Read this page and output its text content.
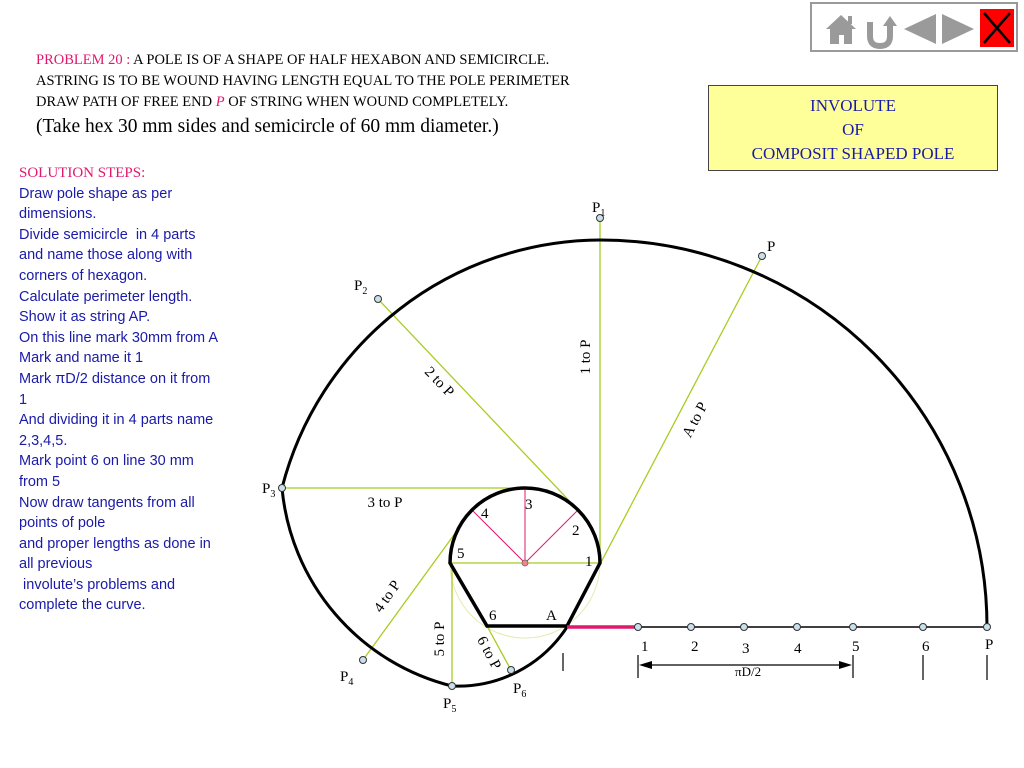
PROBLEM 20 : A POLE IS OF A SHAPE OF HALF HEXABON AND SEMICIRCLE.
ASTRING IS TO BE WOUND HAVING LENGTH EQUAL TO THE POLE PERIMETER
DRAW PATH OF FREE END P OF STRING WHEN WOUND COMPLETELY.
(Take hex 30 mm sides and semicircle of 60 mm diameter.)
INVOLUTE
OF
COMPOSIT SHAPED POLE
SOLUTION STEPS:
Draw pole shape as per dimensions.
Divide semicircle  in 4 parts and name those along with corners of hexagon.
Calculate perimeter length.
Show it as string AP.
On this line mark 30mm from A
Mark and name it 1
Mark πD/2 distance on it from 1
And dividing it in 4 parts name 2,3,4,5.
Mark point 6 on line 30 mm from 5
Now draw tangents from all points of pole
and proper lengths as done in all previous
involute’s problems and complete the curve.
1
2
3
4
5
6	A
1	2	3	4	5	6	P
πD/2
$P_1$
$P_2$
$P_3$
$P_4$
$P_5$
$P_6$
P
A to P
1 to P
2 to P
3 to P
4 to P
5 to P 6 to P
